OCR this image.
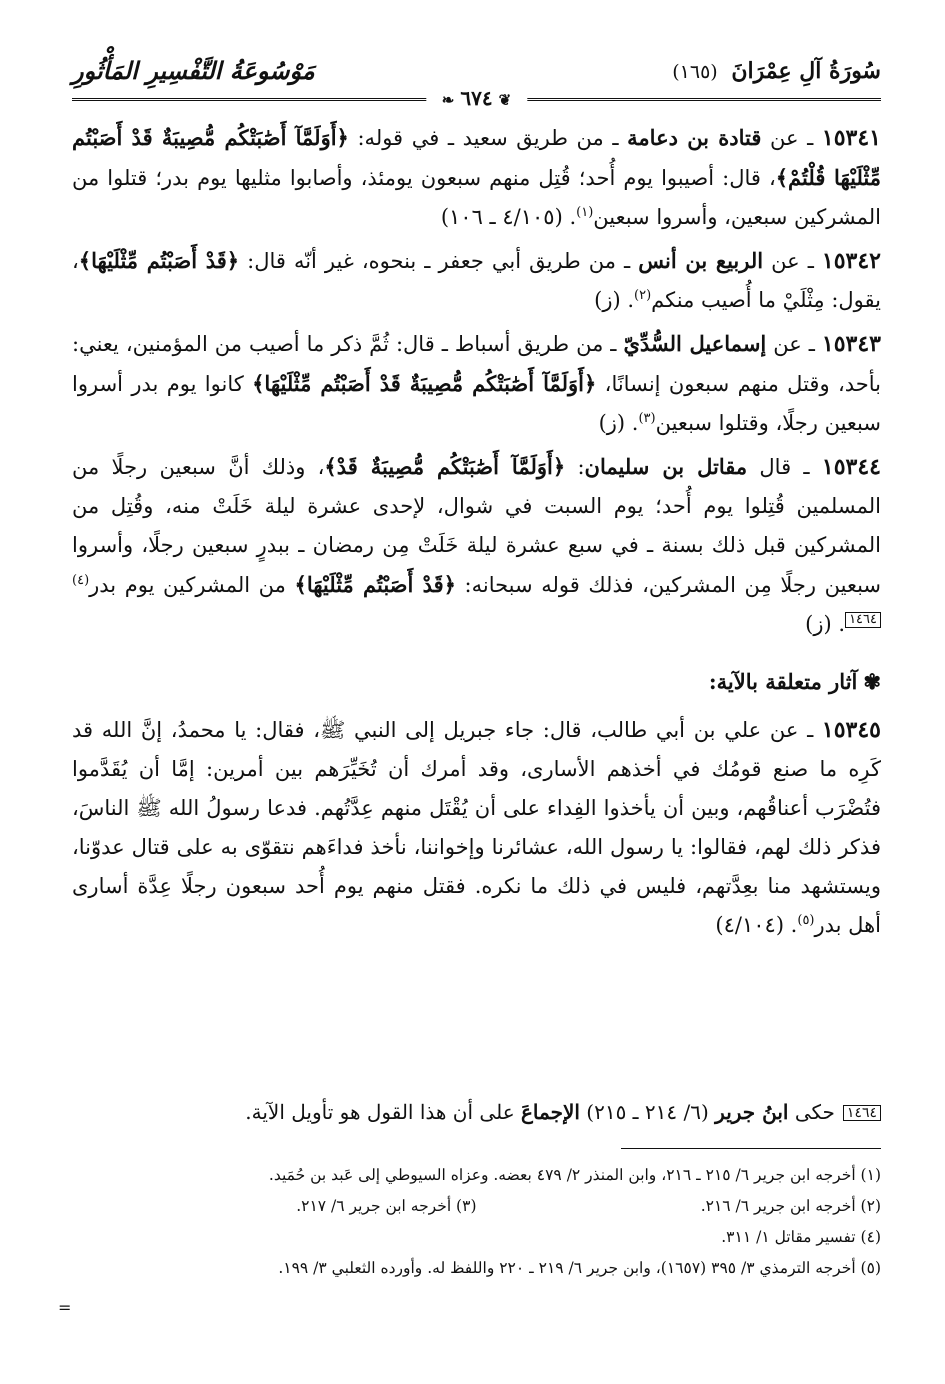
سُورَةُ آلِ عِمْرَانَ (١٦٥)
مَوْسُوعَةُ التَّفْسِيرِ المَأْثُورِ
❦٦٧٤❧

١٥٣٤١ ـ عن قتادة بن دعامة ـ من طريق سعيد ـ في قوله: ﴿أَوَلَمَّآ أَصَٰبَتْكُم مُّصِيبَةٌ قَدْ أَصَبْتُم مِّثْلَيْهَا قُلْتُمْ﴾، قال: أصيبوا يوم أُحد؛ قُتِل منهم سبعون يومئذ، وأصابوا مثليها يوم بدر؛ قتلوا من المشركين سبعين، وأسروا سبعين$^{(١)}$. (٤/١٠٥ ـ ١٠٦)

١٥٣٤٢ ـ عن الربيع بن أنس ـ من طريق أبي جعفر ـ بنحوه، غير أنّه قال: ﴿قَدْ أَصَبْتُم مِّثْلَيْهَا﴾، يقول: مِثْلَيْ ما أُصيب منكم$^{(٢)}$. (ز)

١٥٣٤٣ ـ عن إسماعيل السُّدِّيّ ـ من طريق أسباط ـ قال: ثُمَّ ذكر ما أصيب من المؤمنين، يعني: بأحد، وقتل منهم سبعون إنسانًا، ﴿أَوَلَمَّآ أَصَٰبَتْكُم مُّصِيبَةٌ قَدْ أَصَبْتُم مِّثْلَيْهَا﴾ كانوا يوم بدر أسروا سبعين رجلًا، وقتلوا سبعين$^{(٣)}$. (ز)

١٥٣٤٤ ـ قال مقاتل بن سليمان: ﴿أَوَلَمَّآ أَصَٰبَتْكُم مُّصِيبَةٌ قَدْ﴾، وذلك أنَّ سبعين رجلًا من المسلمين قُتِلوا يوم أُحد؛ يوم السبت في شوال، لإحدى عشرة ليلة خَلَتْ منه، وقُتِل من المشركين قبل ذلك بسنة ـ في سبع عشرة ليلة خَلَتْ مِن رمضان ـ ببدرٍ سبعين رجلًا، وأسروا سبعين رجلًا مِن المشركين، فذلك قوله سبحانه: ﴿قَدْ أَصَبْتُم مِّثْلَيْهَا﴾ من المشركين يوم بدر$^{(٤)}$١٤٦٤. (ز)

✾آثار متعلقة بالآية:

١٥٣٤٥ ـ عن علي بن أبي طالب، قال: جاء جبريل إلى النبي ﷺ، فقال: يا محمدُ، إنَّ الله قد كَرِه ما صنع قومُك في أخذهم الأسارى، وقد أمرك أن تُخَيِّرَهم بين أمرين: إمَّا أن يُقَدَّموا فتُضْرَب أعناقُهم، وبين أن يأخذوا الفِداء على أن يُقْتَل منهم عِدَّتُهم. فدعا رسولُ الله ﷺ الناسَ، فذكر ذلك لهم، فقالوا: يا رسول الله، عشائرنا وإخواننا، نأخذ فداءَهم نتقوّى به على قتال عدوّنا، ويستشهد منا بعِدَّتهم، فليس في ذلك ما نكره. فقتل منهم يوم أُحد سبعون رجلًا عِدَّة أسارى أهل بدر$^{(٥)}$. (٤/١٠٤)

١٤٦٤حكى ابنُ جرير (٦/ ٢١٤ ـ ٢١٥) الإجماعَ على أن هذا القول هو تأويل الآية.

(١) أخرجه ابن جرير ٦/ ٢١٥ ـ ٢١٦، وابن المنذر ٢/ ٤٧٩ بعضه. وعزاه السيوطي إلى عَبد بن حُمَيد.

(٢) أخرجه ابن جرير ٦/ ٢١٦.

(٣) أخرجه ابن جرير ٦/ ٢١٧.

(٤) تفسير مقاتل ١/ ٣١١.

(٥) أخرجه الترمذي ٣/ ٣٩٥ (١٦٥٧)، وابن جرير ٦/ ٢١٩ ـ ٢٢٠ واللفظ له. وأورده الثعلبي ٣/ ١٩٩.

=
